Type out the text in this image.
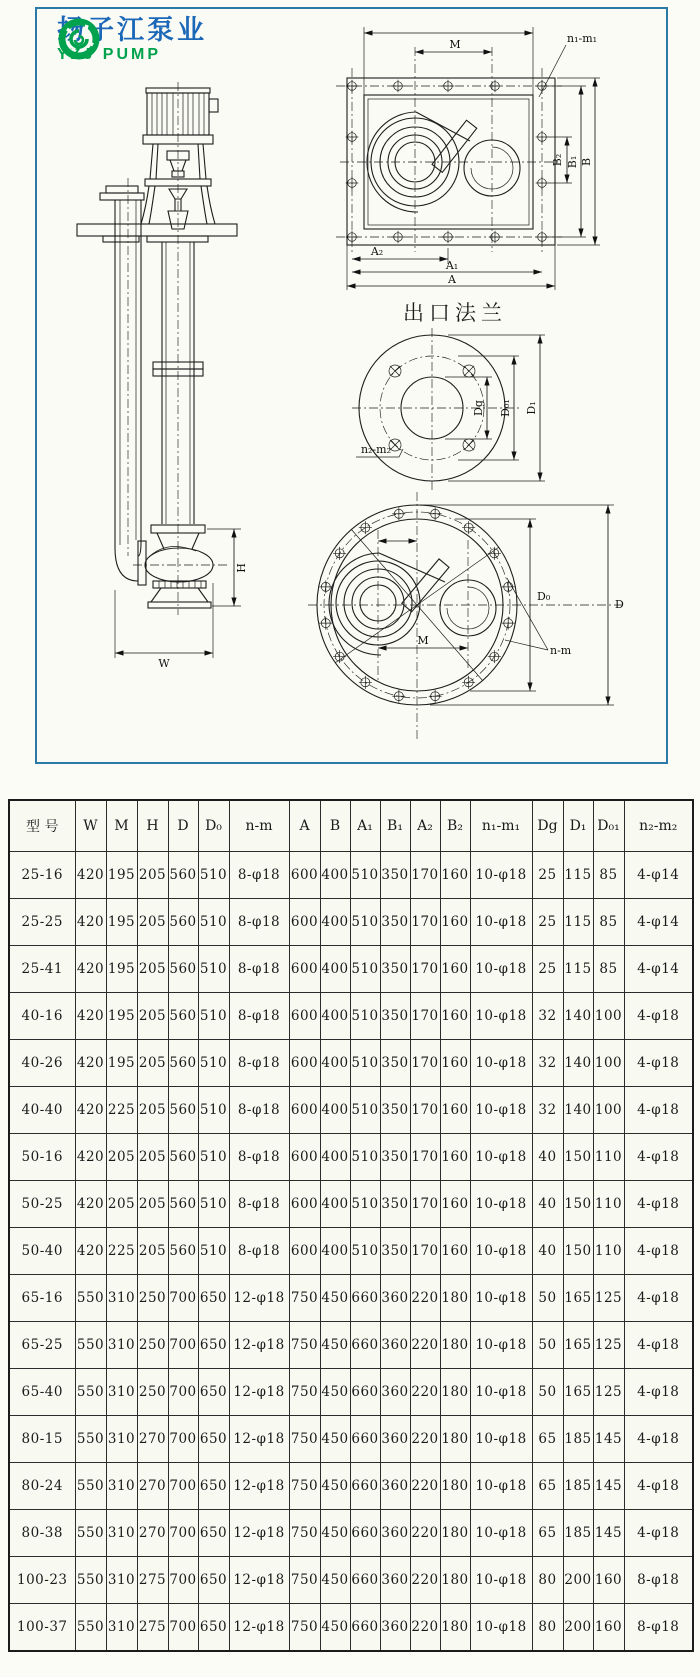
H
W
M	n₁-m₁
B₂ B₁ B
A₂
A₁
A
Dg D₀₁ D₁
n₂-m₂
M
D₀
D
n-m
扬子江泵业
YZJ PUMP
出口法兰
型 号	W	M	H	D	D₀	n-m	A	B	A₁	B₁	A₂	B₂	n₁-m₁	Dg	D₁	D₀₁	n₂-m₂
25-16	420	195	205	560	510	8-φ18	600	400	510	350	170	160	10-φ18	25	115	85	4-φ14
25-25	420	195	205	560	510	8-φ18	600	400	510	350	170	160	10-φ18	25	115	85	4-φ14
25-41	420	195	205	560	510	8-φ18	600	400	510	350	170	160	10-φ18	25	115	85	4-φ14
40-16	420	195	205	560	510	8-φ18	600	400	510	350	170	160	10-φ18	32	140	100	4-φ18
40-26	420	195	205	560	510	8-φ18	600	400	510	350	170	160	10-φ18	32	140	100	4-φ18
40-40	420	225	205	560	510	8-φ18	600	400	510	350	170	160	10-φ18	32	140	100	4-φ18
50-16	420	205	205	560	510	8-φ18	600	400	510	350	170	160	10-φ18	40	150	110	4-φ18
50-25	420	205	205	560	510	8-φ18	600	400	510	350	170	160	10-φ18	40	150	110	4-φ18
50-40	420	225	205	560	510	8-φ18	600	400	510	350	170	160	10-φ18	40	150	110	4-φ18
65-16	550	310	250	700	650	12-φ18	750	450	660	360	220	180	10-φ18	50	165	125	4-φ18
65-25	550	310	250	700	650	12-φ18	750	450	660	360	220	180	10-φ18	50	165	125	4-φ18
65-40	550	310	250	700	650	12-φ18	750	450	660	360	220	180	10-φ18	50	165	125	4-φ18
80-15	550	310	270	700	650	12-φ18	750	450	660	360	220	180	10-φ18	65	185	145	4-φ18
80-24	550	310	270	700	650	12-φ18	750	450	660	360	220	180	10-φ18	65	185	145	4-φ18
80-38	550	310	270	700	650	12-φ18	750	450	660	360	220	180	10-φ18	65	185	145	4-φ18
100-23	550	310	275	700	650	12-φ18	750	450	660	360	220	180	10-φ18	80	200	160	8-φ18
100-37	550	310	275	700	650	12-φ18	750	450	660	360	220	180	10-φ18	80	200	160	8-φ18
